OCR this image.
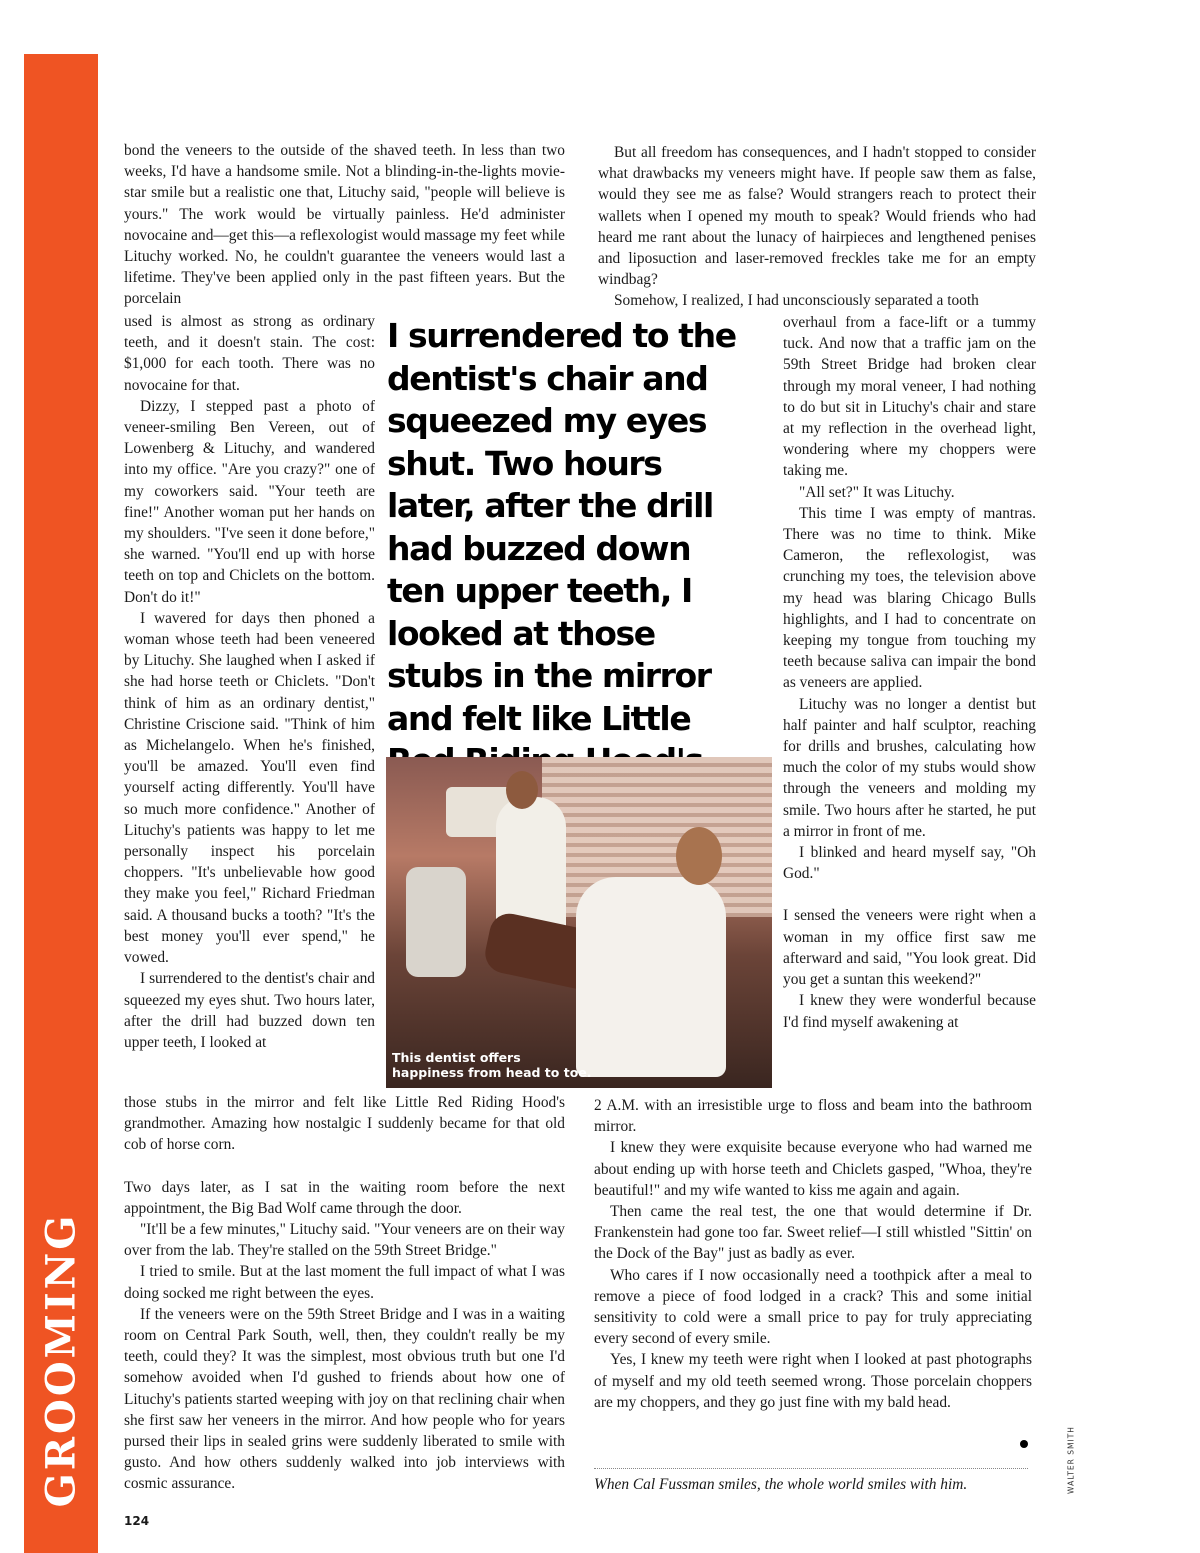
GROOMING

bond the veneers to the outside of the shaved teeth. In less than two weeks, I'd have a handsome smile. Not a blinding-in-the-lights movie-star smile but a realistic one that, Lituchy said, "people will believe is yours." The work would be virtually painless. He'd administer novocaine and—get this—a reflexologist would massage my feet while Lituchy worked. No, he couldn't guarantee the veneers would last a lifetime. They've been applied only in the past fifteen years. But the porcelain

used is almost as strong as ordinary teeth, and it doesn't stain. The cost: $1,000 for each tooth. There was no novocaine for that.

Dizzy, I stepped past a photo of veneer-smiling Ben Vereen, out of Lowenberg & Lituchy, and wandered into my office. "Are you crazy?" one of my coworkers said. "Your teeth are fine!" Another woman put her hands on my shoulders. "I've seen it done before," she warned. "You'll end up with horse teeth on top and Chiclets on the bottom. Don't do it!"

I wavered for days then phoned a woman whose teeth had been veneered by Lituchy. She laughed when I asked if she had horse teeth or Chiclets. "Don't think of him as an ordinary dentist," Christine Criscione said. "Think of him as Michelangelo. When he's finished, you'll be amazed. You'll even find yourself acting differently. You'll have so much more confidence." Another of Lituchy's patients was happy to let me personally inspect his porcelain choppers. "It's unbelievable how good they make you feel," Richard Friedman said. A thousand bucks a tooth? "It's the best money you'll ever spend," he vowed.

I surrendered to the dentist's chair and squeezed my eyes shut. Two hours later, after the drill had buzzed down ten upper teeth, I looked at

those stubs in the mirror and felt like Little Red Riding Hood's grandmother. Amazing how nostalgic I suddenly became for that old cob of horse corn.

Two days later, as I sat in the waiting room before the next appointment, the Big Bad Wolf came through the door.

"It'll be a few minutes," Lituchy said. "Your veneers are on their way over from the lab. They're stalled on the 59th Street Bridge."

I tried to smile. But at the last moment the full impact of what I was doing socked me right between the eyes.

If the veneers were on the 59th Street Bridge and I was in a waiting room on Central Park South, well, then, they couldn't really be my teeth, could they? It was the simplest, most obvious truth but one I'd somehow avoided when I'd gushed to friends about how one of Lituchy's patients started weeping with joy on that reclining chair when she first saw her veneers in the mirror. And how people who for years pursed their lips in sealed grins were suddenly liberated to smile with gusto. And how others suddenly walked into job interviews with cosmic assurance.

I surrendered to the dentist's chair and squeezed my eyes shut. Two hours later, after the drill had buzzed down ten upper teeth, I looked at those stubs in the mirror and felt like Little
This dentist offers
happiness from head to toe.

But all freedom has consequences, and I hadn't stopped to consider what drawbacks my veneers might have. If people saw them as false, would they see me as false? Would strangers reach to protect their wallets when I opened my mouth to speak? Would friends who had heard me rant about the lunacy of hairpieces and lengthened penises and liposuction and laser-removed freckles take me for an empty windbag?

Somehow, I realized, I had unconsciously separated a tooth

overhaul from a face-lift or a tummy tuck. And now that a traffic jam on the 59th Street Bridge had broken clear through my moral veneer, I had nothing to do but sit in Lituchy's chair and stare at my reflection in the overhead light, wondering where my choppers were taking me.

"All set?" It was Lituchy.

This time I was empty of mantras. There was no time to think. Mike Cameron, the reflexologist, was crunching my toes, the television above my head was blaring Chicago Bulls highlights, and I had to concentrate on keeping my tongue from touching my teeth because saliva can impair the bond as veneers are applied.

Lituchy was no longer a dentist but half painter and half sculptor, reaching for drills and brushes, calculating how much the color of my stubs would show through the veneers and molding my smile. Two hours after he started, he put a mirror in front of me.

I blinked and heard myself say, "Oh God."

I sensed the veneers were right when a woman in my office first saw me afterward and said, "You look great. Did you get a suntan this weekend?"

I knew they were wonderful because I'd find myself awakening at

2 A.M. with an irresistible urge to floss and beam into the bathroom mirror.

I knew they were exquisite because everyone who had warned me about ending up with horse teeth and Chiclets gasped, "Whoa, they're beautiful!" and my wife wanted to kiss me again and again.

Then came the real test, the one that would determine if Dr. Frankenstein had gone too far. Sweet relief—I still whistled "Sittin' on the Dock of the Bay" just as badly as ever.

Who cares if I now occasionally need a toothpick after a meal to remove a piece of food lodged in a crack? This and some initial sensitivity to cold were a small price to pay for truly appreciating every second of every smile.

Yes, I knew my teeth were right when I looked at past photographs of myself and my old teeth seemed wrong. Those porcelain choppers are my choppers, and they go just fine with my bald head.

When Cal Fussman smiles, the whole world smiles with him.	WALTER SMITH
124
